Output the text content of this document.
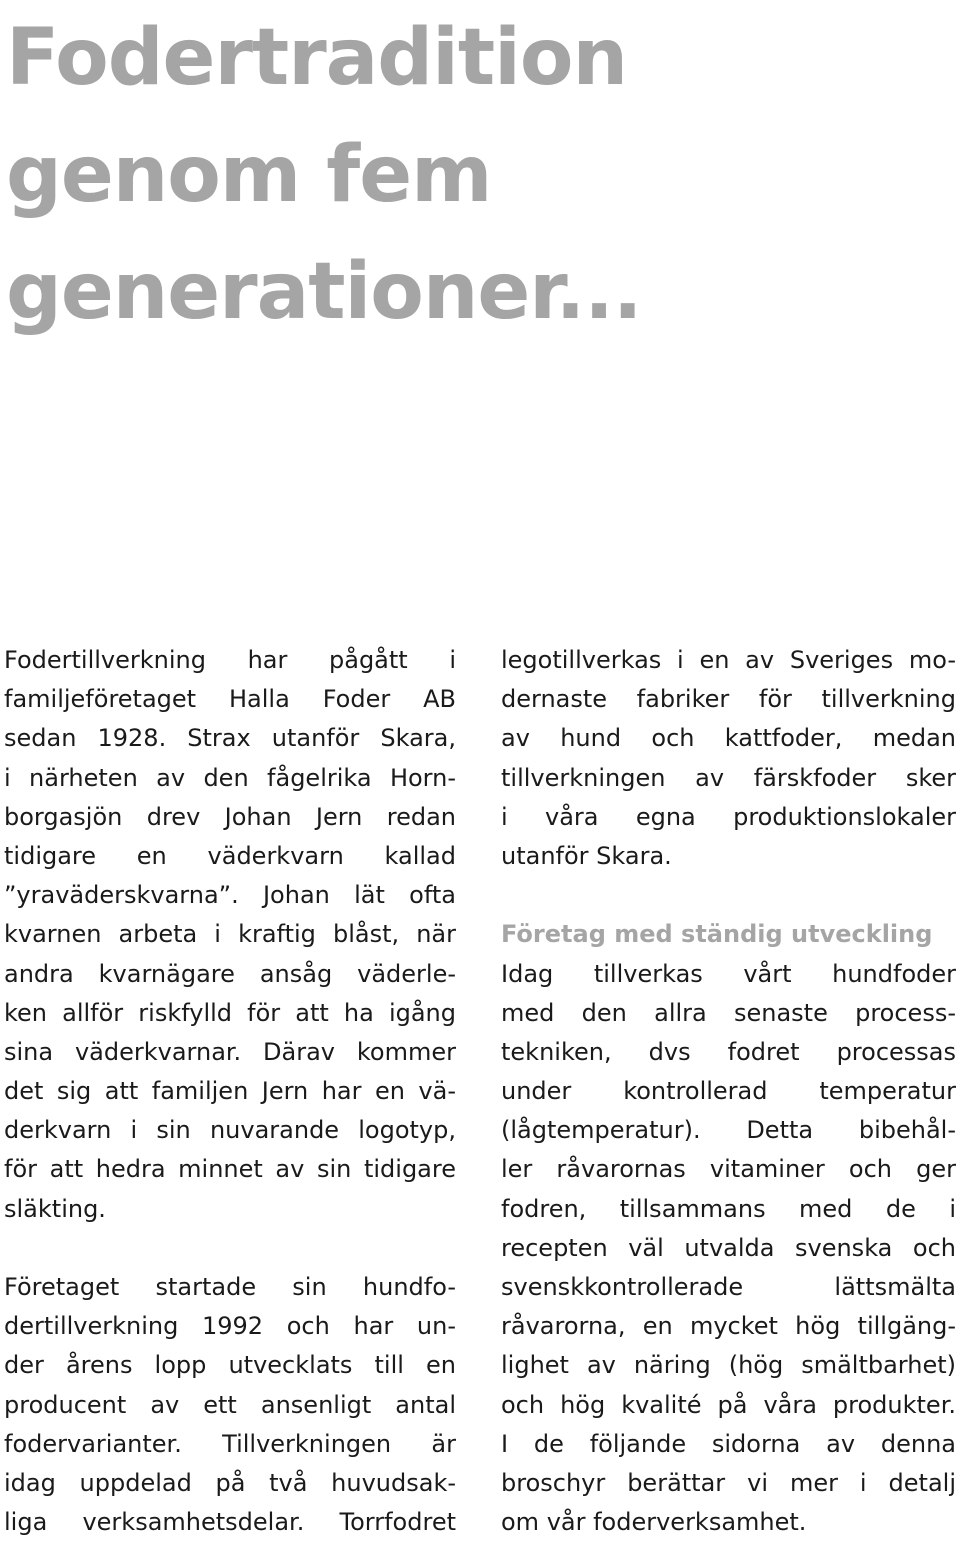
Fodertradition
genom fem
generationer...

Fodertillverkning har pågått i
familjeföretaget Halla Foder AB
sedan 1928. Strax utanför Skara,
i närheten av den fågelrika Horn-
borgasjön drev Johan Jern redan
tidigare en väderkvarn kallad
”yraväderskvarna”. Johan lät ofta
kvarnen arbeta i kraftig blåst, när
andra kvarnägare ansåg väderle-
ken allför riskfylld för att ha igång
sina väderkvarnar. Därav kommer
det sig att familjen Jern har en vä-
derkvarn i sin nuvarande logotyp,
för att hedra minnet av sin tidigare
släkting.

Företaget startade sin hundfo-
dertillverkning 1992 och har un-
der årens lopp utvecklats till en
producent av ett ansenligt antal
fodervarianter. Tillverkningen är
idag uppdelad på två huvudsak-
liga verksamhetsdelar. Torrfodret

legotillverkas i en av Sveriges mo-
dernaste fabriker för tillverkning
av hund och kattfoder, medan
tillverkningen av färskfoder sker
i våra egna produktionslokaler
utanför Skara.

Företag med ständig utveckling

Idag tillverkas vårt hundfoder
med den allra senaste process-
tekniken, dvs fodret processas
under kontrollerad temperatur
(lågtemperatur). Detta bibehål-
ler råvarornas vitaminer och ger
fodren, tillsammans med de i
recepten väl utvalda svenska och
svenskkontrollerade lättsmälta
råvarorna, en mycket hög tillgäng-
lighet av näring (hög smältbarhet)
och hög kvalité på våra produkter.
I de följande sidorna av denna
broschyr berättar vi mer i detalj
om vår foderverksamhet.
